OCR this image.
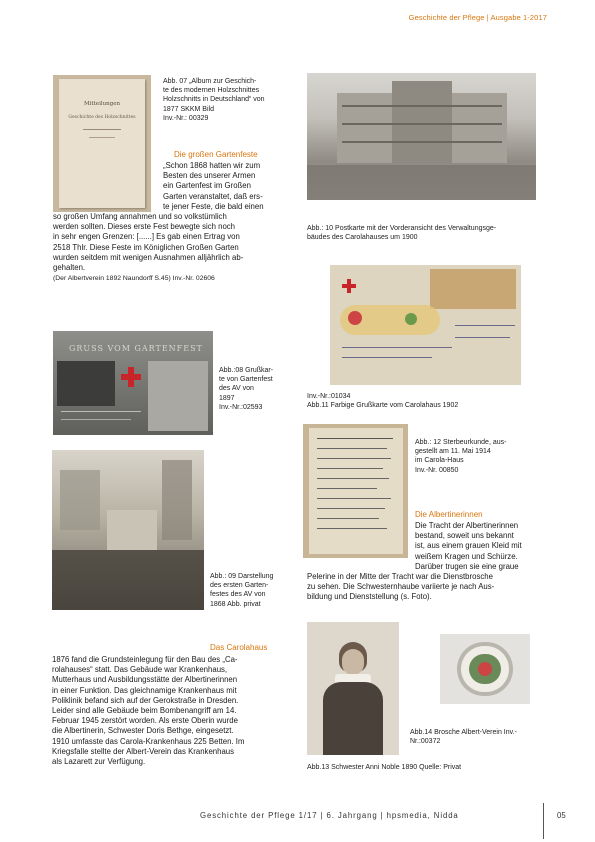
Geschichte der Pflege | Ausgabe 1-2017
Mitteilungen
Geschichte des Holzschnittes
Abb. 07 „Album zur Geschich-
te des modernen Holzschnittes
Holzschnitts in Deutschland“ von
1877 SKKM Bild
Inv.-Nr.: 00329
Die großen Gartenfeste

„Schon 1868 hatten wir zum

Besten des unserer Armen

ein Gartenfest im Großen

Garten veranstaltet, daß ers-

te jener Feste, die bald einen

so großen Umfang annahmen und so volkstümlich

werden sollten. Dieses erste Fest bewegte sich noch

in sehr engen Grenzen: [......] Es gab einen Ertrag von

2518 Thlr. Diese Feste im Königlichen Großen Garten

wurden seitdem mit wenigen Ausnahmen alljährlich ab-

gehalten.

(Der Albertverein 1892 Naundorff S.45) Inv.-Nr. 02606
GRUSS VOM GARTENFEST
Abb.:08 Grußkar-
te von Gartenfest
des AV von
1897
Inv.-Nr.:02593
Abb.: 09 Darstellung
des ersten Garten-
festes des AV von
1868 Abb. privat
Das Carolahaus

1876 fand die Grundsteinlegung für den Bau des „Ca-

rolahauses“ statt. Das Gebäude war Krankenhaus,

Mutterhaus und Ausbildungsstätte der Albertinerinnen

in einer Funktion. Das gleichnamige Krankenhaus mit

Poliklinik befand sich auf der Gerokstraße in Dresden.

Leider sind alle Gebäude beim Bombenangriff am 14.

Februar 1945 zerstört worden. Als erste Oberin wurde

die Albertinerin, Schwester Doris Bethge, eingesetzt.

1910 umfasste das Carola-Krankenhaus 225 Betten. Im

Kriegsfalle stellte der Albert-Verein das Krankenhaus

als Lazarett zur Verfügung.

Abb.: 10 Postkarte mit der Vorderansicht des Verwaltungsge-
bäudes des Carolahauses um 1900
Inv.-Nr.:01034
Abb.11 Farbige Grußkarte vom Carolahaus 1902
Abb.: 12 Sterbeurkunde, aus-
gestellt am 11. Mai 1914
im Carola-Haus
Inv.-Nr. 00850
Die Albertinerinnen

Die Tracht der Albertinerinnen

bestand, soweit uns bekannt

ist, aus einem grauen Kleid mit

weißem Kragen und Schürze.

Darüber trugen sie eine graue

Pelerine in der Mitte der Tracht war die Dienstbrosche

zu sehen. Die Schwesternhaube variierte je nach Aus-

bildung und Dienststellung (s. Foto).

Abb.13 Schwester Anni Noble 1890 Quelle: Privat
Abb.14 Brosche Albert-Verein Inv.-
Nr.:00372
Geschichte der Pflege 1/17 | 6. Jahrgang | hpsmedia, Nidda	05
